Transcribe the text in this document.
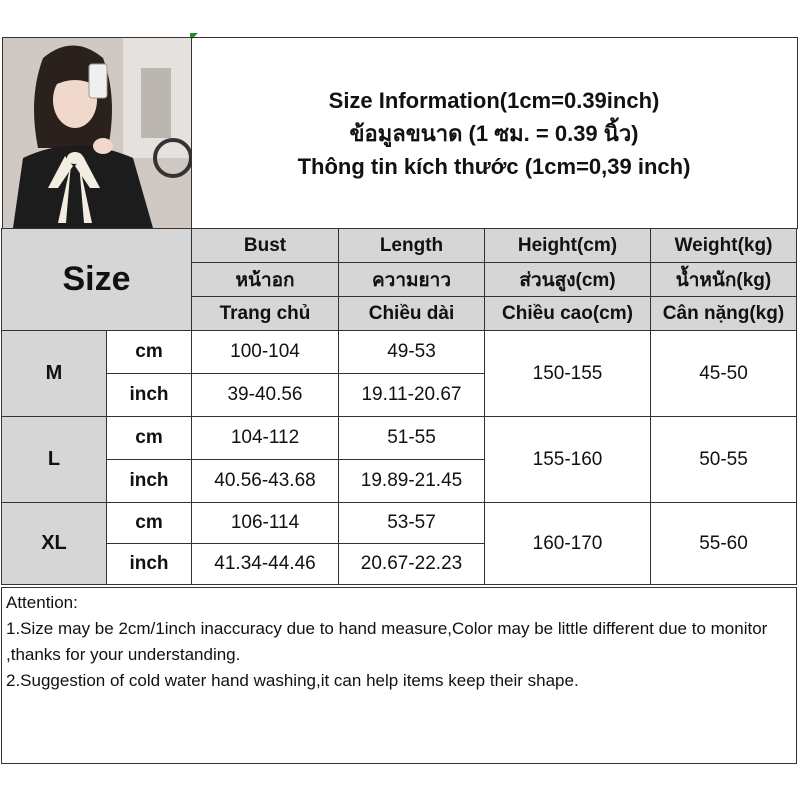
Size Information(1cm=0.39inch)
ข้อมูลขนาด (1 ซม. = 0.39 นิ้ว)
Thông tin kích thước (1cm=0,39 inch)
Size		Bust	Length	Height(cm)	Weight(kg)
		หน้าอก	ความยาว	ส่วนสูง(cm)	น้ำหนัก(kg)
		Trang chủ	Chiều dài	Chiều cao(cm)	Cân nặng(kg)
M	cm	100-104	49-53	150-155	45-50
	inch	39-40.56	19.11-20.67		
L	cm	104-112	51-55	155-160	50-55
	inch	40.56-43.68	19.89-21.45		
XL	cm	106-114	53-57	160-170	55-60
	inch	41.34-44.46	20.67-22.23		
Attention:
1.Size may be 2cm/1inch inaccuracy due to hand measure,Color may be little different due to monitor ,thanks for your understanding.
2.Suggestion of cold water hand washing,it can help items keep their shape.
